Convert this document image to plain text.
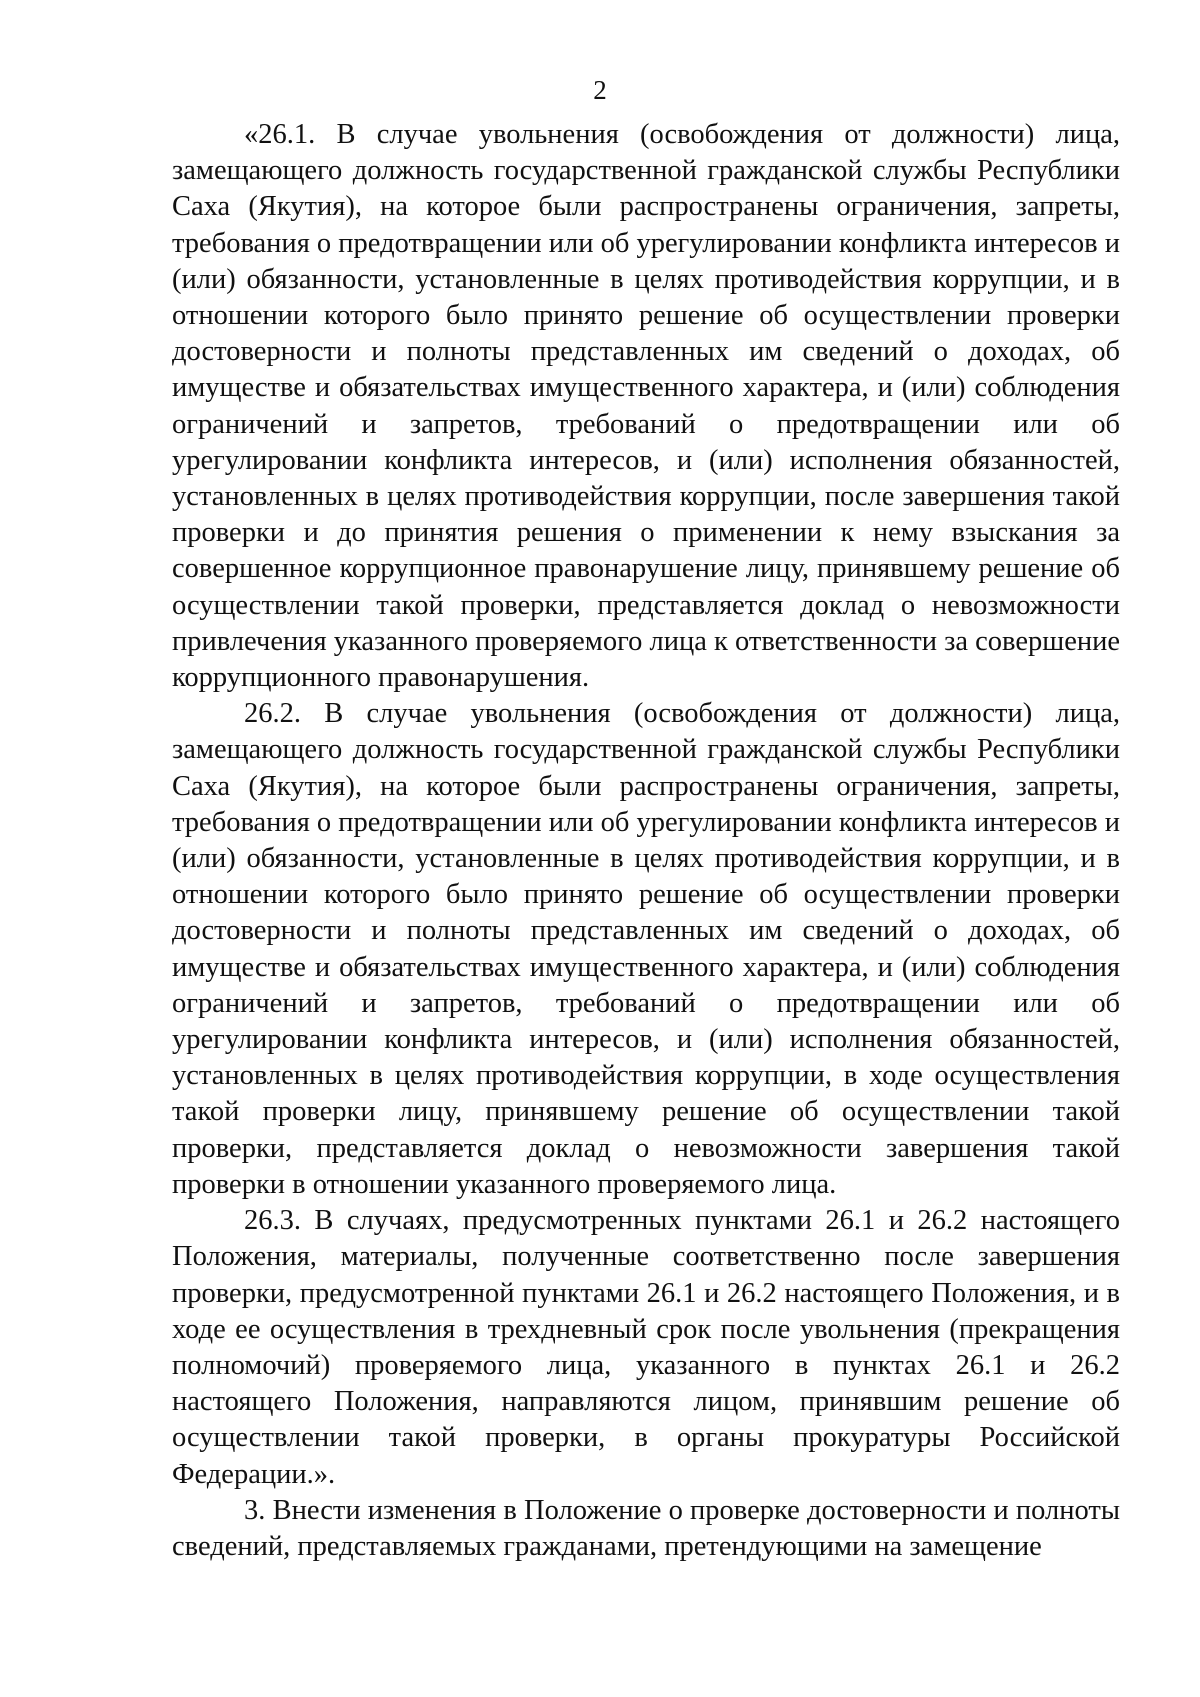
2

«26.1. В случае увольнения (освобождения от должности) лица, замещающего должность государственной гражданской службы Республики Саха (Якутия), на которое были распространены ограничения, запреты, требования о предотвращении или об урегулировании конфликта интересов и (или) обязанности, установленные в целях противодействия коррупции, и в отношении которого было принято решение об осуществлении проверки достоверности и полноты представленных им сведений о доходах, об имуществе и обязательствах имущественного характера, и (или) соблюдения ограничений и запретов, требований о предотвращении или об урегулировании конфликта интересов, и (или) исполнения обязанностей, установленных в целях противодействия коррупции, после завершения такой проверки и до принятия решения о применении к нему взыскания за совершенное коррупционное правонарушение лицу, принявшему решение об осуществлении такой проверки, представляется доклад о невозможности привлечения указанного проверяемого лица к ответственности за совершение коррупционного правонарушения.

26.2. В случае увольнения (освобождения от должности) лица, замещающего должность государственной гражданской службы Республики Саха (Якутия), на которое были распространены ограничения, запреты, требования о предотвращении или об урегулировании конфликта интересов и (или) обязанности, установленные в целях противодействия коррупции, и в отношении которого было принято решение об осуществлении проверки достоверности и полноты представленных им сведений о доходах, об имуществе и обязательствах имущественного характера, и (или) соблюдения ограничений и запретов, требований о предотвращении или об урегулировании конфликта интересов, и (или) исполнения обязанностей, установленных в целях противодействия коррупции, в ходе осуществления такой проверки лицу, принявшему решение об осуществлении такой проверки, представляется доклад о невозможности завершения такой проверки в отношении указанного проверяемого лица.

26.3. В случаях, предусмотренных пунктами 26.1 и 26.2 настоящего Положения, материалы, полученные соответственно после завершения проверки, предусмотренной пунктами 26.1 и 26.2 настоящего Положения, и в ходе ее осуществления в трехдневный срок после увольнения (прекращения полномочий) проверяемого лица, указанного в пунктах 26.1 и 26.2 настоящего Положения, направляются лицом, принявшим решение об осуществлении такой проверки, в органы прокуратуры Российской Федерации.».

3. Внести изменения в Положение о проверке достоверности и полноты сведений, представляемых гражданами, претендующими на замещение
